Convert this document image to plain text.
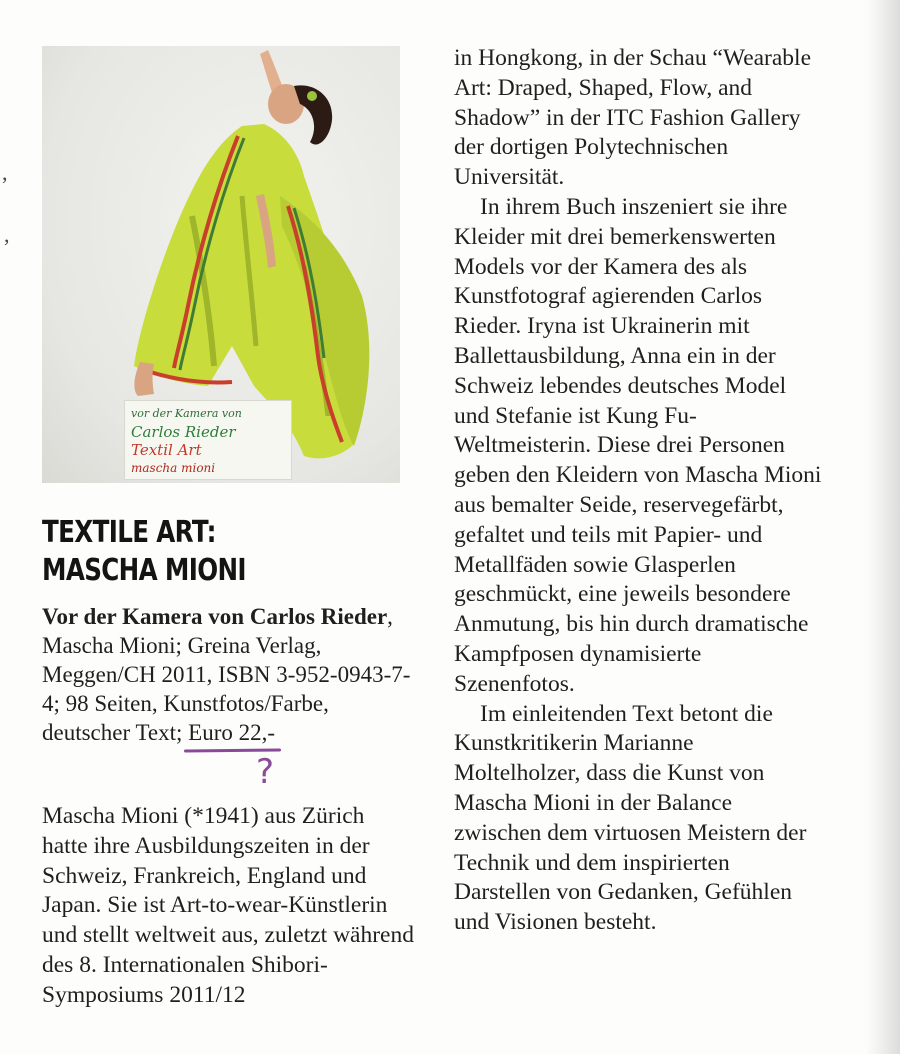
,
,
vor der Kamera von
Carlos Rieder
Textil Art
mascha mioni
TEXTILE ART: MASCHA MIONI

Vor der Kamera von Carlos Rieder, Mascha Mioni; Greina Verlag, Meggen/CH 2011, ISBN 3-952-0943-7-4; 98 Seiten, Kunstfotos/Farbe, deutscher Text; Euro 22,-

?

Mascha Mioni (*1941) aus Zürich hatte ihre Ausbildungszeiten in der Schweiz, Frankreich, England und Japan. Sie ist Art-to-wear-Künstlerin und stellt weltweit aus, zuletzt während des 8. Internationalen Shibori-Symposiums 2011/12

in Hongkong, in der Schau “Wearable Art: Draped, Shaped, Flow, and Shadow” in der ITC Fashion Gallery der dortigen Polytechnischen Universität.

In ihrem Buch inszeniert sie ihre Kleider mit drei bemerkenswerten Models vor der Kamera des als Kunstfotograf agierenden Carlos Rieder. Iryna ist Ukrainerin mit Ballettausbildung, Anna ein in der Schweiz lebendes deutsches Model und Stefanie ist Kung Fu-Weltmeisterin. Diese drei Personen geben den Kleidern von Mascha Mioni aus bemalter Seide, reservegefärbt, gefaltet und teils mit Papier- und Metallfäden sowie Glasperlen geschmückt, eine jeweils besondere Anmutung, bis hin durch dramatische Kampfposen dynamisierte Szenenfotos.

Im einleitenden Text betont die Kunstkritikerin Marianne Moltelholzer, dass die Kunst von Mascha Mioni in der Balance zwischen dem virtuosen Meistern der Technik und dem inspirierten Darstellen von Gedanken, Gefühlen und Visionen besteht.
